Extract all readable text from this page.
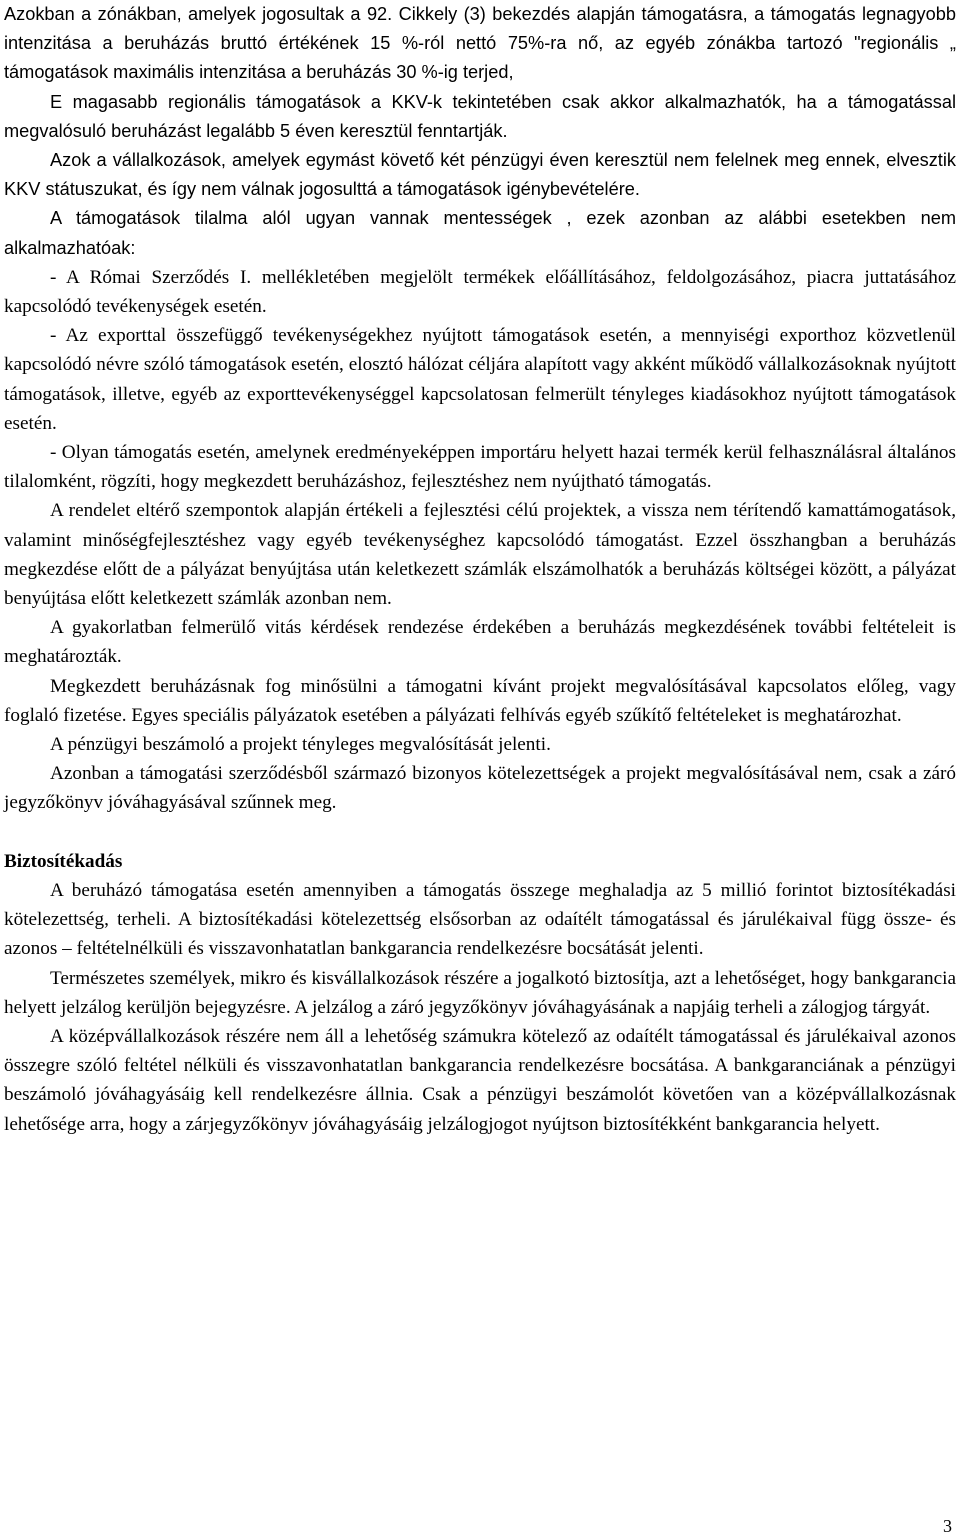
Azokban a zónákban, amelyek jogosultak a 92. Cikkely (3) bekezdés alapján támogatásra, a támogatás legnagyobb intenzitása a beruházás bruttó értékének 15 %-ról nettó 75%-ra nő, az egyéb zónákba tartozó "regionális „ támogatások maximális intenzitása a beruházás 30 %-ig terjed,

E magasabb regionális támogatások a KKV-k tekintetében csak akkor alkalmazhatók, ha a támogatással megvalósuló beruházást legalább 5 éven keresztül fenntartják.

Azok a vállalkozások, amelyek egymást követő két pénzügyi éven keresztül nem felelnek meg ennek, elvesztik KKV státuszukat, és így nem válnak jogosulttá a támogatások igénybevételére.

A támogatások tilalma alól ugyan vannak mentességek , ezek azonban az alábbi esetekben nem alkalmazhatóak:

- A Római Szerződés I. mellékletében megjelölt termékek előállításához, feldolgozásához, piacra juttatásához kapcsolódó tevékenységek esetén.

- Az exporttal összefüggő tevékenységekhez nyújtott támogatások esetén, a mennyiségi exporthoz közvetlenül kapcsolódó névre szóló támogatások esetén, elosztó hálózat céljára alapított vagy akként működő vállalkozásoknak nyújtott támogatások, illetve, egyéb az exporttevékenységgel kapcsolatosan felmerült tényleges kiadásokhoz nyújtott támogatások esetén.

- Olyan támogatás esetén, amelynek eredményeképpen importáru helyett hazai termék kerül felhasználásral általános tilalomként, rögzíti, hogy megkezdett beruházáshoz, fejlesztéshez nem nyújtható támogatás.

A rendelet eltérő szempontok alapján értékeli a fejlesztési célú projektek, a vissza nem térítendő kamattámogatások, valamint minőségfejlesztéshez vagy egyéb tevékenységhez kapcsolódó támogatást. Ezzel összhangban a beruházás megkezdése előtt de a pályázat benyújtása után keletkezett számlák elszámolhatók a beruházás költségei között, a pályázat benyújtása előtt keletkezett számlák azonban nem.

A gyakorlatban felmerülő vitás kérdések rendezése érdekében a beruházás megkezdésének további feltételeit is meghatározták.

Megkezdett beruházásnak fog minősülni a támogatni kívánt projekt megvalósításával kapcsolatos előleg, vagy foglaló fizetése. Egyes speciális pályázatok esetében a pályázati felhívás egyéb szűkítő feltételeket is meghatározhat.

A pénzügyi beszámoló a projekt tényleges megvalósítását jelenti.

Azonban a támogatási szerződésből származó bizonyos kötelezettségek a projekt megvalósításával nem, csak a záró jegyzőkönyv jóváhagyásával szűnnek meg.

Biztosítékadás

A beruházó támogatása esetén amennyiben a támogatás összege meghaladja az 5 millió forintot biztosítékadási kötelezettség, terheli. A biztosítékadási kötelezettség elsősorban az odaítélt támogatással és járulékaival függ össze- és azonos – feltételnélküli és visszavonhatatlan bankgarancia rendelkezésre bocsátását jelenti.

Természetes személyek, mikro és kisvállalkozások részére a jogalkotó biztosítja, azt a lehetőséget, hogy bankgarancia helyett jelzálog kerüljön bejegyzésre. A jelzálog a záró jegyzőkönyv jóváhagyásának a napjáig terheli a zálogjog tárgyát.

A középvállalkozások részére nem áll a lehetőség számukra kötelező az odaítélt támogatással és járulékaival azonos összegre szóló feltétel nélküli és visszavonhatatlan bankgarancia rendelkezésre bocsátása. A bankgaranciának a pénzügyi beszámoló jóváhagyásáig kell rendelkezésre állnia. Csak a pénzügyi beszámolót követően van a középvállalkozásnak lehetősége arra, hogy a zárjegyzőkönyv jóváhagyásáig jelzálogjogot nyújtson biztosítékként bankgarancia helyett.

3
